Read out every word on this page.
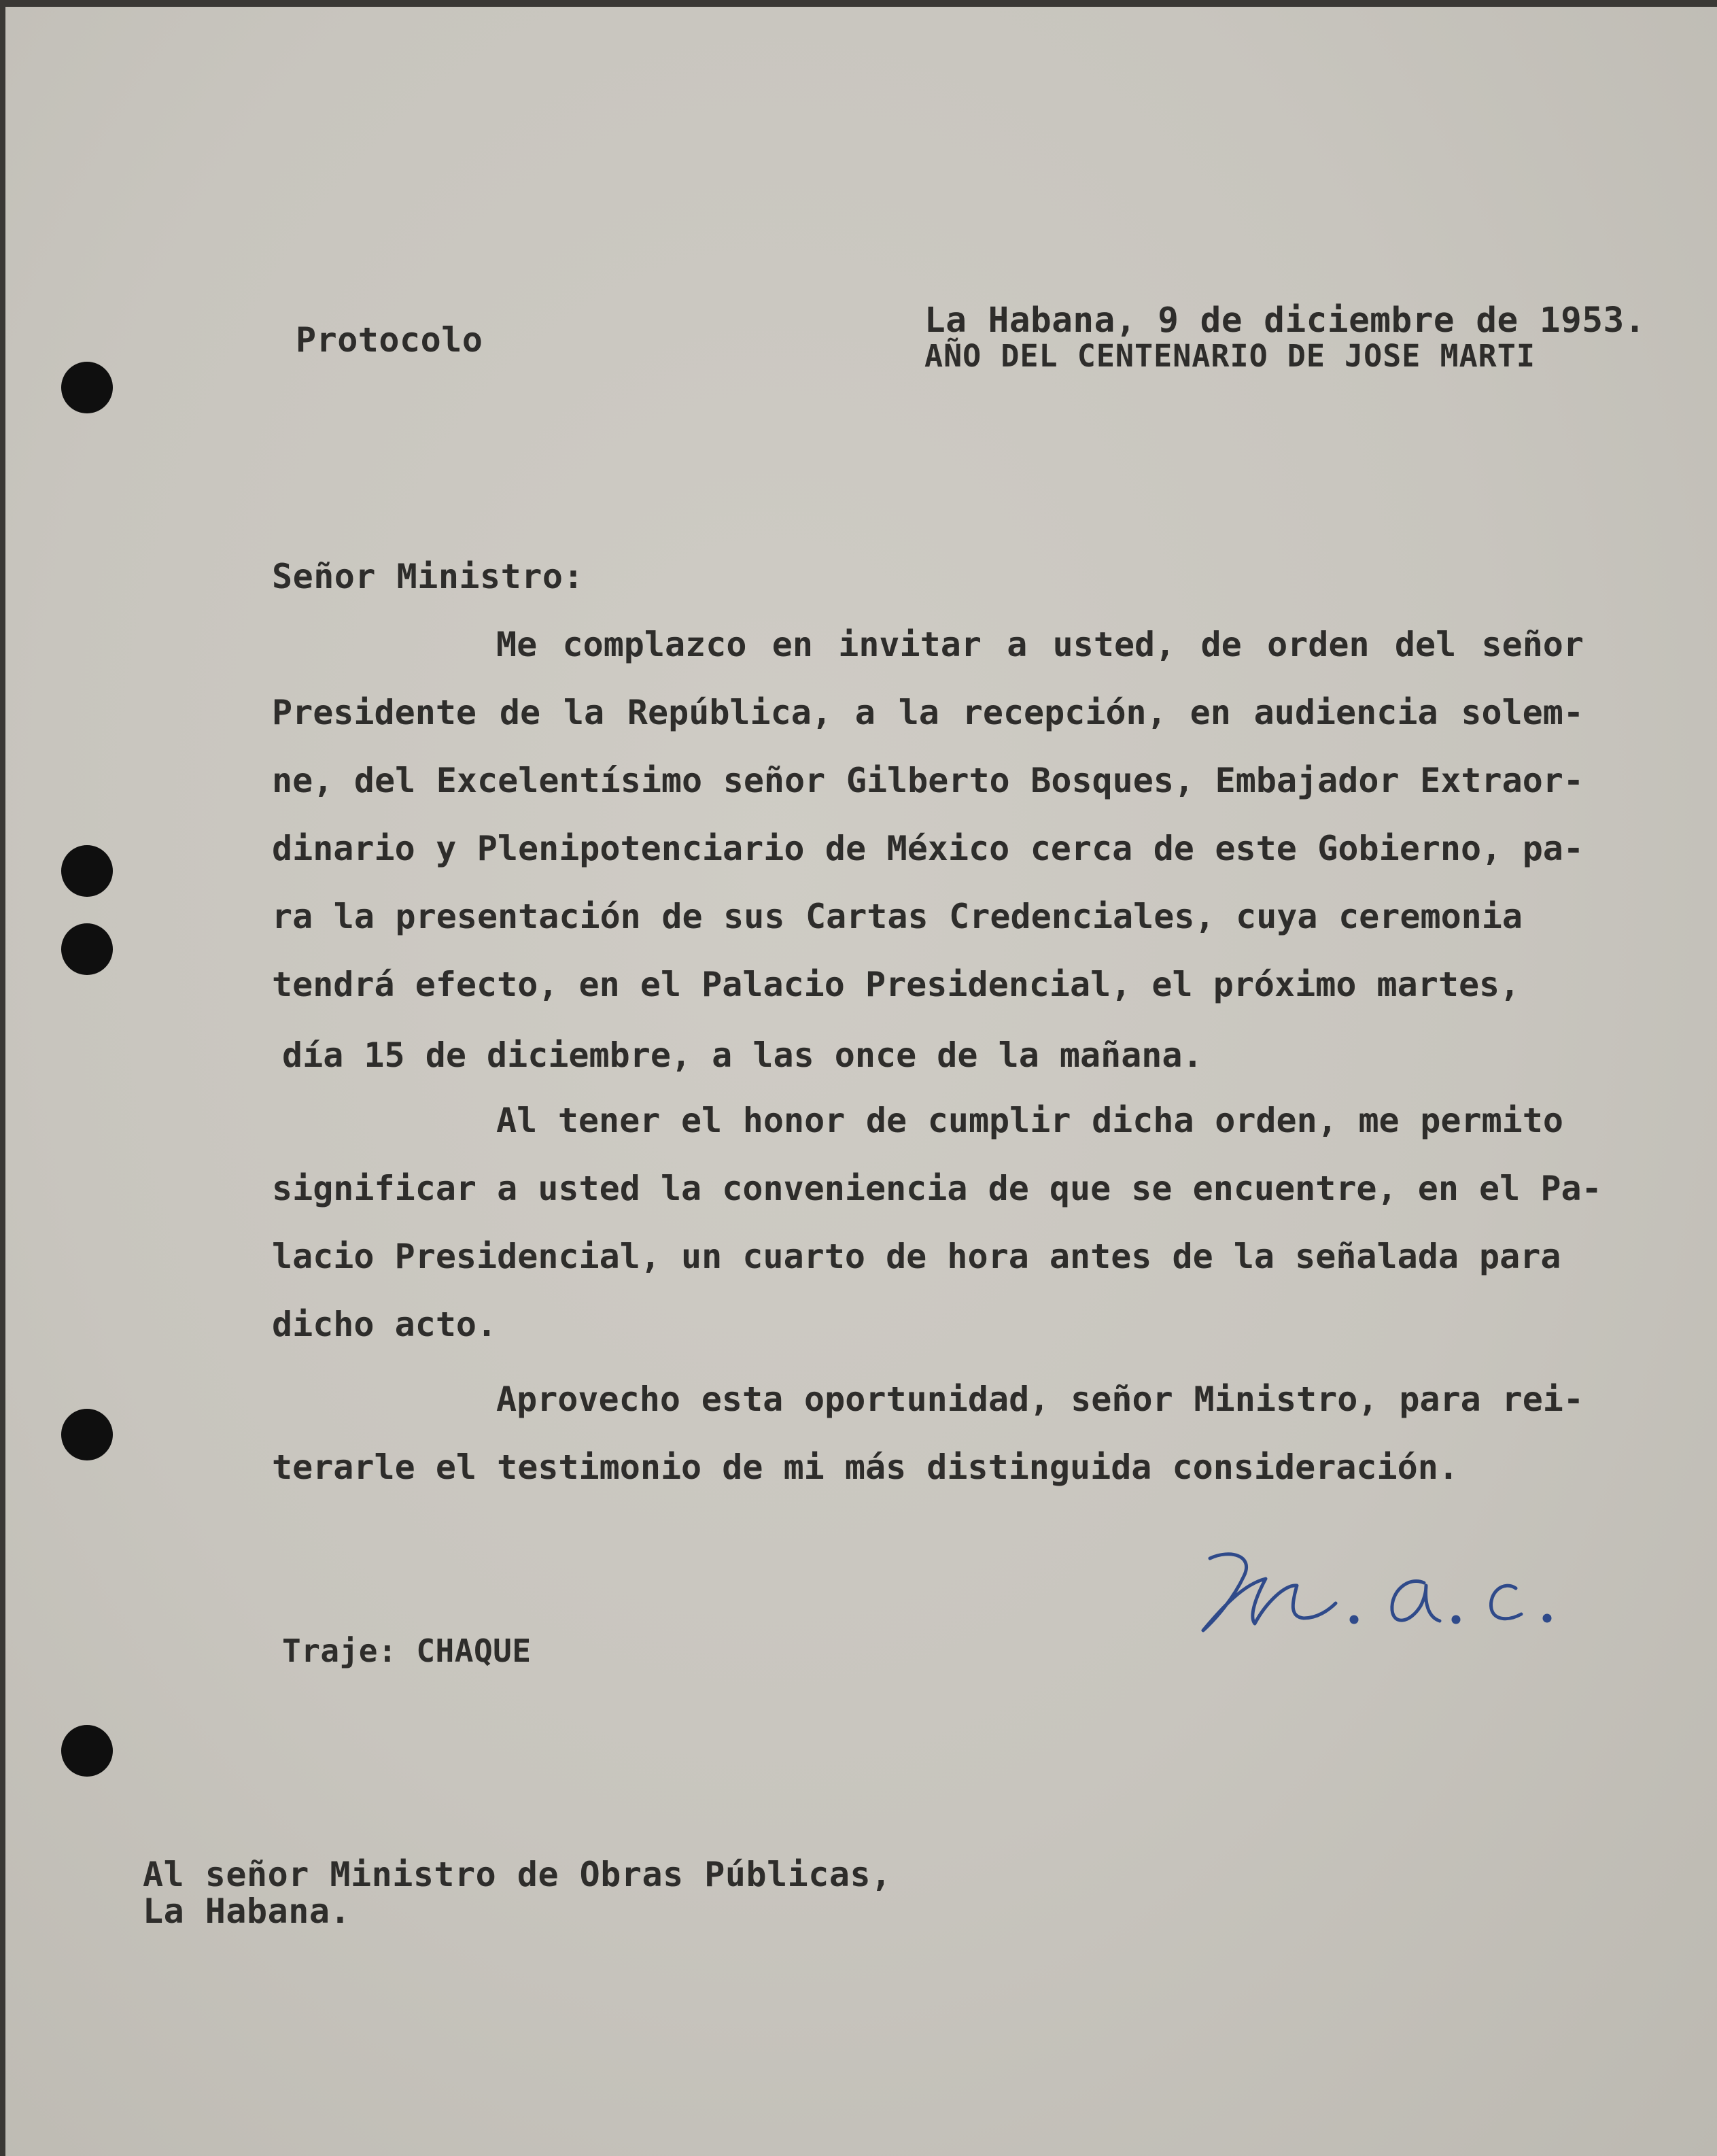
Protocolo	La Habana, 9 de diciembre de 1953.
AÑO DEL CENTENARIO DE JOSE MARTI
Señor Ministro:
Me complazco en invitar a usted, de orden del señor
Presidente de la República, a la recepción, en audiencia solem-
ne, del Excelentísimo señor Gilberto Bosques, Embajador Extraor-
dinario y Plenipotenciario de México cerca de este Gobierno, pa-
ra la presentación de sus Cartas Credenciales, cuya ceremonia
tendrá efecto, en el Palacio Presidencial, el próximo martes,
día 15 de diciembre, a las once de la mañana.
Al tener el honor de cumplir dicha orden, me permito
significar a usted la conveniencia de que se encuentre, en el Pa-
lacio Presidencial, un cuarto de hora antes de la señalada para
dicho acto.
Aprovecho esta oportunidad, señor Ministro, para rei-
terarle el testimonio de mi más distinguida consideración.
Traje: CHAQUE
Al señor Ministro de Obras Públicas,
La Habana.
